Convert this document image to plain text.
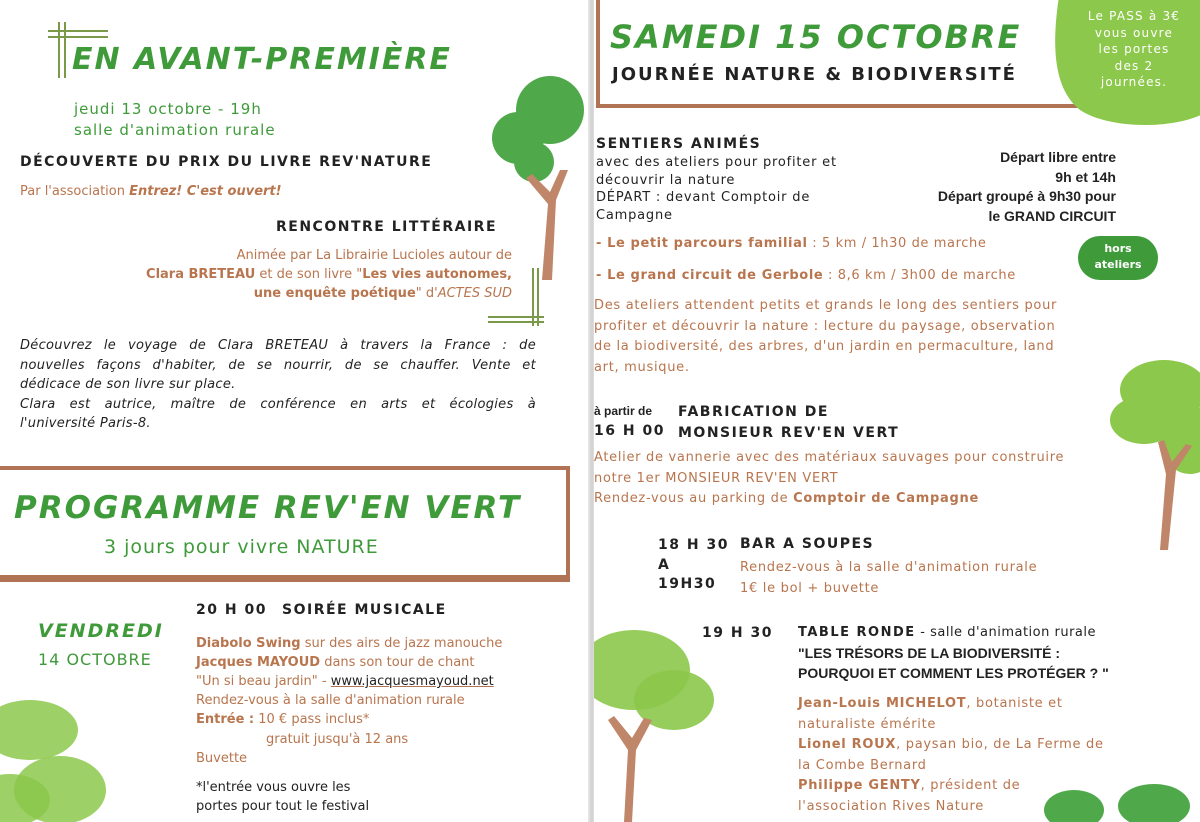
EN AVANT-PREMIÈRE
jeudi 13 octobre - 19h
salle d'animation rurale
DÉCOUVERTE DU PRIX DU LIVRE REV'NATURE
Par l'association Entrez! C'est ouvert!
RENCONTRE LITTÉRAIRE
Animée par La Librairie Lucioles autour de
Clara BRETEAU et de son livre "Les vies autonomes,
une enquête poétique" d'ACTES SUD
Découvrez le voyage de Clara BRETEAU à travers la France : de
nouvelles façons d'habiter, de se nourrir, de se chauffer. Vente et
dédicace de son livre sur place.
Clara est autrice, maître de conférence en arts et écologies à
l'université Paris-8.
PROGRAMME REV'EN VERT
3 jours pour vivre NATURE
VENDREDI
14 OCTOBRE
20 H 00 SOIRÉE MUSICALE
Diabolo Swing sur des airs de jazz manouche
Jacques MAYOUD dans son tour de chant
"Un si beau jardin" - www.jacquesmayoud.net
Rendez-vous à la salle d'animation rurale
Entrée : 10 € pass inclus*
gratuit jusqu'à 12 ans
Buvette
*l'entrée vous ouvre les
portes pour tout le festival
SAMEDI 15 OCTOBRE
JOURNÉE NATURE & BIODIVERSITÉ
Le PASS à 3€
vous ouvre
les portes
des 2
journées.
SENTIERS ANIMÉS
avec des ateliers pour profiter et
découvrir la nature
DÉPART : devant Comptoir de
Campagne
Départ libre entre
9h et 14h
Départ groupé à 9h30 pour
le GRAND CIRCUIT
hors
ateliers
- Le petit parcours familial : 5 km / 1h30 de marche
- Le grand circuit de Gerbole : 8,6 km / 3h00 de marche
Des ateliers attendent petits et grands le long des sentiers pour
profiter et découvrir la nature : lecture du paysage, observation
de la biodiversité, des arbres, d'un jardin en permaculture, land
art, musique.
à partir de
16 H 00
FABRICATION DE
MONSIEUR REV'EN VERT
Atelier de vannerie avec des matériaux sauvages pour construire
notre 1er MONSIEUR REV'EN VERT
Rendez-vous au parking de Comptoir de Campagne
18 H 30
A
19H30
BAR A SOUPES
Rendez-vous à la salle d'animation rurale
1€ le bol + buvette
19 H 30 TABLE RONDE - salle d'animation rurale
"LES TRÉSORS DE LA BIODIVERSITÉ :
POURQUOI ET COMMENT LES PROTÉGER ? "
Jean-Louis MICHELOT, botaniste et
naturaliste émérite
Lionel ROUX, paysan bio, de La Ferme de
la Combe Bernard
Philippe GENTY, président de
l'association Rives Nature
